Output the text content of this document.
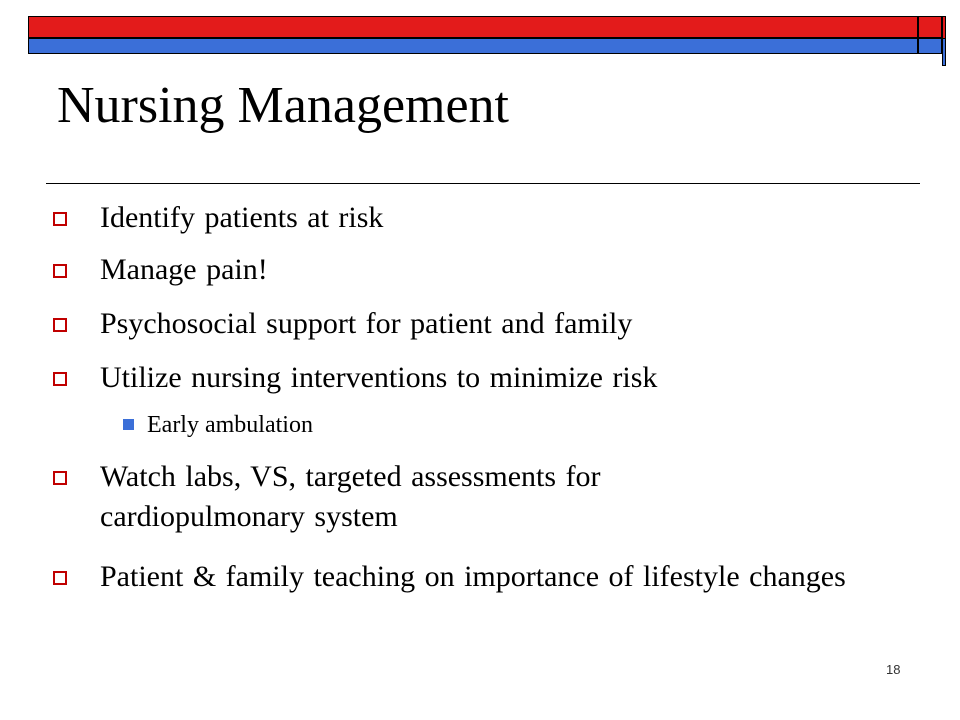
Nursing Management
Identify patients at risk
Manage pain!
Psychosocial support for patient and family
Utilize nursing interventions to minimize risk
Early ambulation
Watch labs, VS, targeted assessments for cardiopulmonary system
Patient & family teaching on importance of lifestyle changes
18
